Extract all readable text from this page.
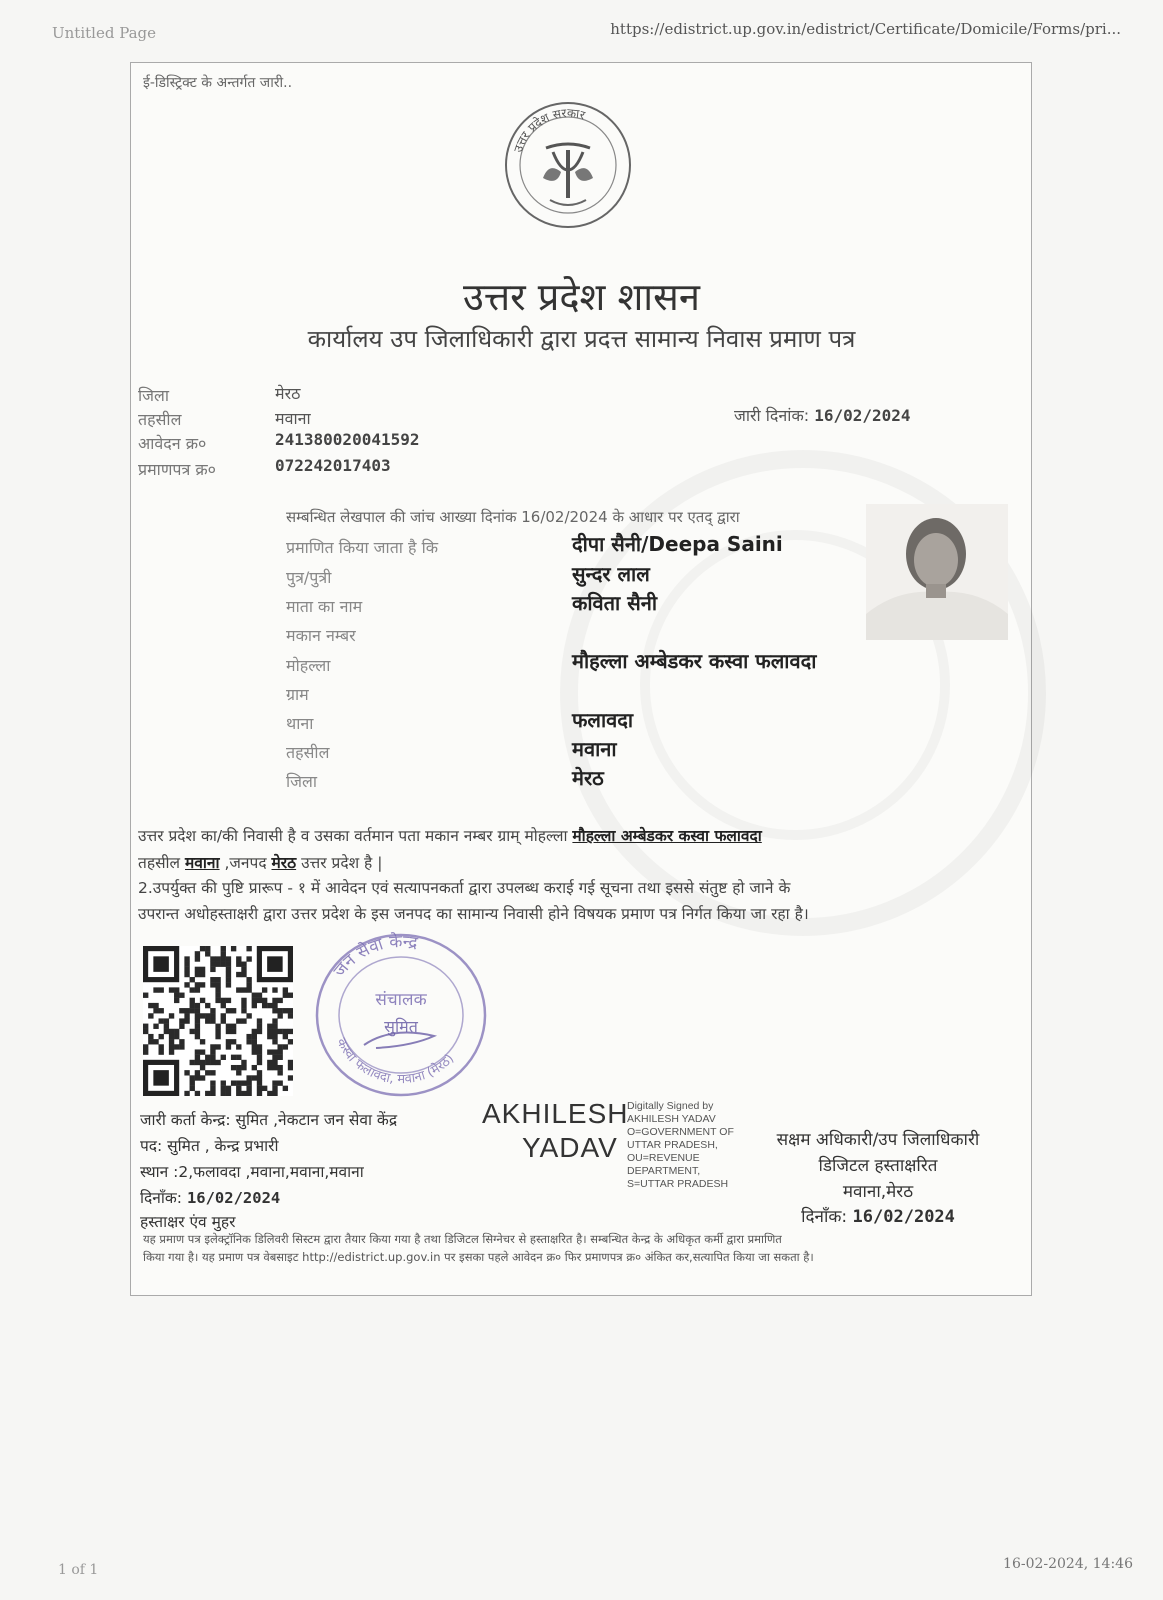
Untitled Page	https://edistrict.up.gov.in/edistrict/Certificate/Domicile/Forms/pri...
1 of 1	16-02-2024, 14:46
ई-डिस्ट्रिक्ट के अन्तर्गत जारी..
उत्तर प्रदेश सरकार
उत्तर प्रदेश शासन
कार्यालय उप जिलाधिकारी द्वारा प्रदत्त सामान्य निवास प्रमाण पत्र
जिला	मेरठ
तहसील	मवाना
आवेदन क्र०	241380020041592
प्रमाणपत्र क्र०	072242017403
जारी दिनांक: 16/02/2024
सम्बन्धित लेखपाल की जांच आख्या दिनांक 16/02/2024 के आधार पर एतद् द्वारा
प्रमाणित किया जाता है कि	दीपा सैनी/Deepa Saini
पुत्र/पुत्री	सुन्दर लाल
माता का नाम	कविता सैनी
मकान नम्बर
मोहल्ला	मौहल्ला अम्बेडकर कस्वा फलावदा
ग्राम
थाना	फलावदा
तहसील	मवाना
जिला	मेरठ
उत्तर प्रदेश का/की निवासी है व उसका वर्तमान पता मकान नम्बर ग्राम् मोहल्ला मौहल्ला अम्बेडकर कस्वा फलावदा
तहसील मवाना ,जनपद मेरठ उत्तर प्रदेश है |
2.उपर्युक्त की पुष्टि प्रारूप - १ में आवेदन एवं सत्यापनकर्ता द्वारा उपलब्ध कराई गई सूचना तथा इससे संतुष्ट हो जाने के
उपरान्त अधोहस्ताक्षरी द्वारा उत्तर प्रदेश के इस जनपद का सामान्य निवासी होने विषयक प्रमाण पत्र निर्गत किया जा रहा है।
जन सेवा केन्द्र
कस्वा फलावदा, मवाना (मेरठ)
संचालक
सुमित
जारी कर्ता केन्द्र: सुमित ,नेकटान जन सेवा केंद्र
पद: सुमित , केन्द्र प्रभारी
स्थान :2,फलावदा ,मवाना,मवाना,मवाना
दिनाँक: 16/02/2024
हस्ताक्षर एंव मुहर
AKHILESH
YADAV
Digitally Signed by
AKHILESH YADAV
O=GOVERNMENT OF
UTTAR PRADESH,
OU=REVENUE
DEPARTMENT,
S=UTTAR PRADESH
सक्षम अधिकारी/उप जिलाधिकारी
डिजिटल हस्ताक्षरित
मवाना,मेरठ
दिनाँक: 16/02/2024
यह प्रमाण पत्र इलेक्ट्रॉनिक डिलिवरी सिस्टम द्वारा तैयार किया गया है तथा डिजिटल सिग्नेचर से हस्ताक्षरित है। सम्बन्धित केन्द्र के अधिकृत कर्मी द्वारा प्रमाणित
किया गया है। यह प्रमाण पत्र वेबसाइट http://edistrict.up.gov.in पर इसका पहले आवेदन क्र० फिर प्रमाणपत्र क्र० अंकित कर,सत्यापित किया जा सकता है।
